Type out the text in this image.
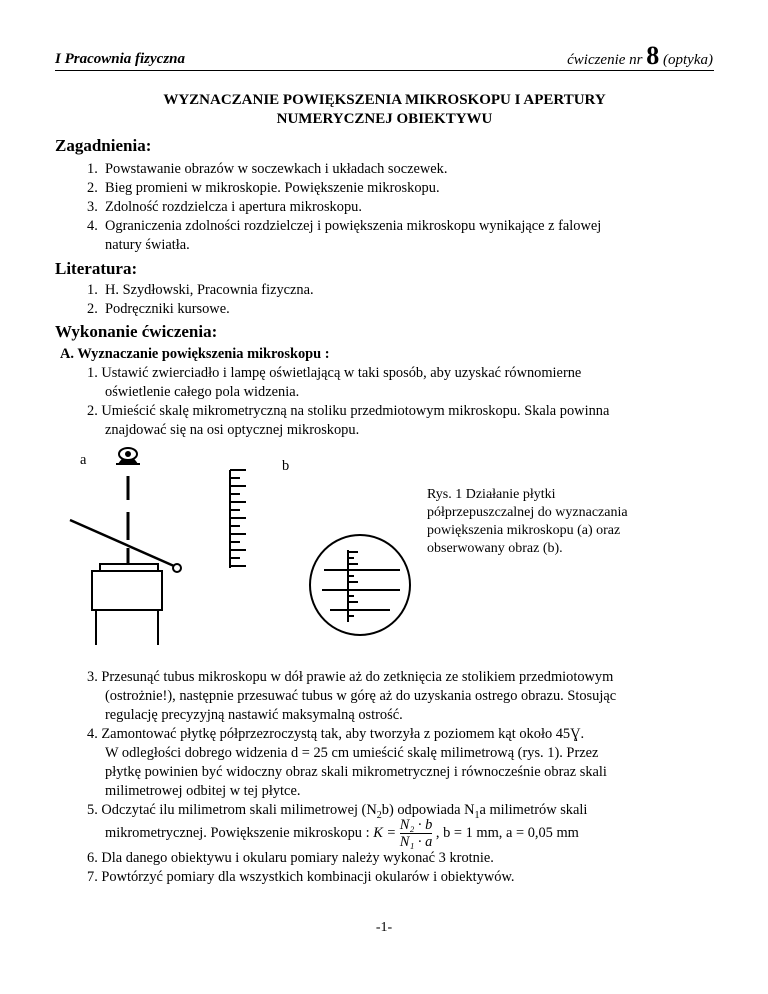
I Pracownia fizyczna	ćwiczenie nr 8 (optyka)
WYZNACZANIE POWIĘKSZENIA MIKROSKOPU I APERTURY
NUMERYCZNEJ OBIEKTYWU
Zagadnienia:
1. Powstawanie obrazów w soczewkach i układach soczewek.
2. Bieg promieni w mikroskopie. Powiększenie mikroskopu.
3. Zdolność rozdzielcza i apertura mikroskopu.
4. Ograniczenia zdolności rozdzielczej i powiększenia mikroskopu wynikające z falowej
natury światła.
Literatura:
1. H. Szydłowski, Pracownia fizyczna.
2. Podręczniki kursowe.
Wykonanie ćwiczenia:
A. Wyznaczanie powiększenia mikroskopu :
1. Ustawić zwierciadło i lampę oświetlającą w taki sposób, aby uzyskać równomierne
oświetlenie całego pola widzenia.
2. Umieścić skalę mikrometryczną na stoliku przedmiotowym mikroskopu. Skala powinna
znajdować się na osi optycznej mikroskopu.
a	b
Rys. 1 Działanie płytki
półprzepuszczalnej do wyznaczania
powiększenia mikroskopu (a) oraz
obserwowany obraz (b).
3. Przesunąć tubus mikroskopu w dół prawie aż do zetknięcia ze stolikiem przedmiotowym
(ostrożnie!), następnie przesuwać tubus w górę aż do uzyskania ostrego obrazu. Stosując
regulację precyzyjną nastawić maksymalną ostrość.
4. Zamontować płytkę półprzezroczystą tak, aby tworzyła z poziomem kąt około 45Ɣ.
W odległości dobrego widzenia d = 25 cm umieścić skalę milimetrową (rys. 1). Przez
płytkę powinien być widoczny obraz skali mikrometrycznej i równocześnie obraz skali
milimetrowej odbitej w tej płytce.
5. Odczytać ilu milimetrom skali milimetrowej $(N_2b)$ odpowiada $N_1a$ milimetrów skali
mikrometrycznej. Powiększenie mikroskopu : $K = \frac{\text{N₂ · b}}{\text{N₁ · a}}$ , b = 1 mm, a = 0,05 mm
6. Dla danego obiektywu i okularu pomiary należy wykonać 3 krotnie.
7. Powtórzyć pomiary dla wszystkich kombinacji okularów i obiektywów.
-1-
